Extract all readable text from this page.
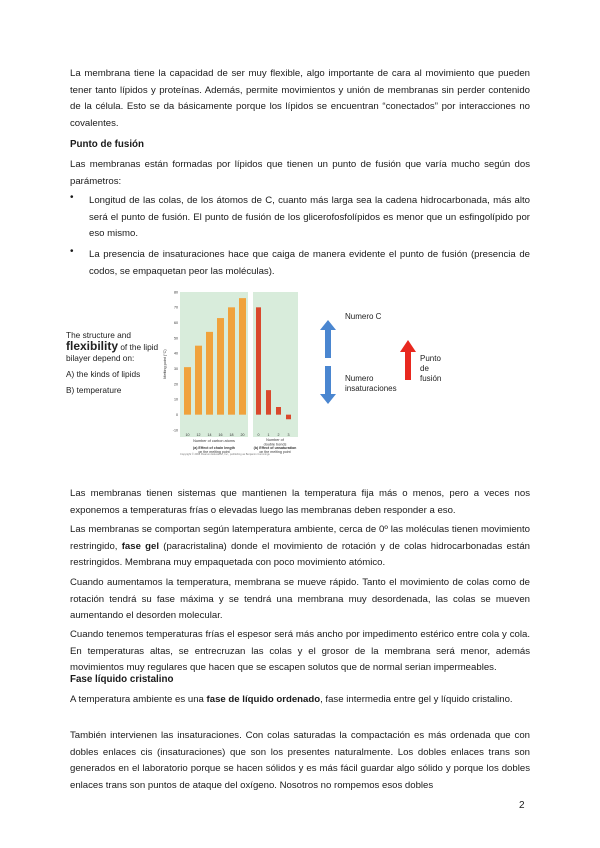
La membrana tiene la capacidad de ser muy flexible, algo importante de cara al movimiento que pueden tener tanto lípidos y proteínas. Además, permite movimientos y unión de membranas sin perder contenido de la célula. Esto se da básicamente porque los lípidos se encuentran “conectados” por interacciones no covalentes.
Punto de fusión
Las membranas están formadas por lípidos que tienen un punto de fusión que varía mucho según dos parámetros:
• Longitud de las colas, de los átomos de C, cuanto más larga sea la cadena hidrocarbonada, más alto será el punto de fusión. El punto de fusión de los glicerofosfolípidos es menor que un esfingolípido por eso mismo.
• La presencia de insaturaciones hace que caiga de manera evidente el punto de fusión (presencia de codos, se empaquetan peor las moléculas).
The structure and
flexibility of the lipid
bilayer depend on:
A) the kinds of lipids
B) temperature
Melting point (°C)
80
70
60
50
40
30
20
10
0
-10
10 12 14 16 18 20	0 1 2 3
Number of carbon atoms	Number of
double bonds
(a) Effect of chain length
on the melting point
(b) Effect of unsaturation
on the melting point
Copyright © 2008 Pearson Education, Inc., publishing as Benjamin Cummings
Numero C
Numero
insaturaciones
Punto
de fusión
Las membranas tienen sistemas que mantienen la temperatura fija más o menos, pero a veces nos exponemos a temperaturas frías o elevadas luego las membranas deben responder a eso.
Las membranas se comportan según latemperatura ambiente, cerca de 0º las moléculas tienen movimiento restringido, fase gel (paracristalina) donde el movimiento de rotación y de colas hidrocarbonadas están restringidos. Membrana muy empaquetada con poco movimiento atómico.
Cuando aumentamos la temperatura, membrana se mueve rápido. Tanto el movimiento de colas como de rotación tendrá su fase máxima y se tendrá una membrana muy desordenada, las colas se mueven aumentando el desorden molecular.
Cuando tenemos temperaturas frías el espesor será más ancho por impedimento estérico entre cola y cola. En temperaturas altas, se entrecruzan las colas y el grosor de la membrana será menor, además movimientos muy regulares que hacen que se escapen solutos que de normal serian impermeables.
Fase líquido cristalino
A temperatura ambiente es una fase de líquido ordenado, fase intermedia entre gel y líquido cristalino.
También intervienen las insaturaciones. Con colas saturadas la compactación es más ordenada que con dobles enlaces cis (insaturaciones) que son los presentes naturalmente. Los dobles enlaces trans son generados en el laboratorio porque se hacen sólidos y es más fácil guardar algo sólido y porque los dobles enlaces trans son puntos de ataque del oxígeno. Nosotros no rompemos esos dobles
2
